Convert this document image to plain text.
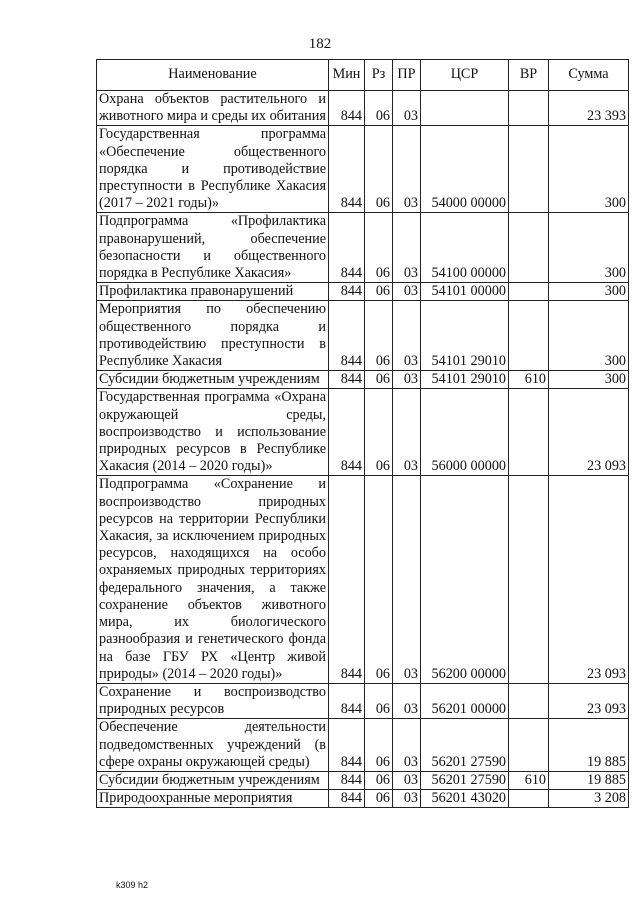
182
Наименование	Мин	Рз	ПР	ЦСР	ВР	Сумма
Охрана объектов растительного и животного мира и среды их обитания	844	06	03			23 393
Государственная программа «Обеспечение общественного порядка и противодействие преступности в Республике Хакасия (2017 – 2021 годы)»	844	06	03	54000 00000		300
Подпрограмма «Профилактика правонарушений, обеспечение безопасности и общественного порядка в Республике Хакасия»	844	06	03	54100 00000		300
Профилактика правонарушений	844	06	03	54101 00000		300
Мероприятия по обеспечению общественного порядка и противодействию преступности в Республике Хакасия	844	06	03	54101 29010		300
Субсидии бюджетным учреждениям	844	06	03	54101 29010	610	300
Государственная программа «Охрана окружающей среды, воспроизводство и использование природных ресурсов в Республике Хакасия (2014 – 2020 годы)»	844	06	03	56000 00000		23 093
Подпрограмма «Сохранение и воспроизводство природных ресурсов на территории Республики Хакасия, за исключением природных ресурсов, находящихся на особо охраняемых природных территориях федерального значения, а также сохранение объектов животного мира, их биологического разнообразия и генетического фонда на базе ГБУ РХ «Центр живой природы» (2014 – 2020 годы)»	844	06	03	56200 00000		23 093
Сохранение и воспроизводство природных ресурсов	844	06	03	56201 00000		23 093
Обеспечение деятельности подведомственных учреждений (в сфере охраны окружающей среды)	844	06	03	56201 27590		19 885
Субсидии бюджетным учреждениям	844	06	03	56201 27590	610	19 885
Природоохранные мероприятия	844	06	03	56201 43020		3 208
k309 h2
